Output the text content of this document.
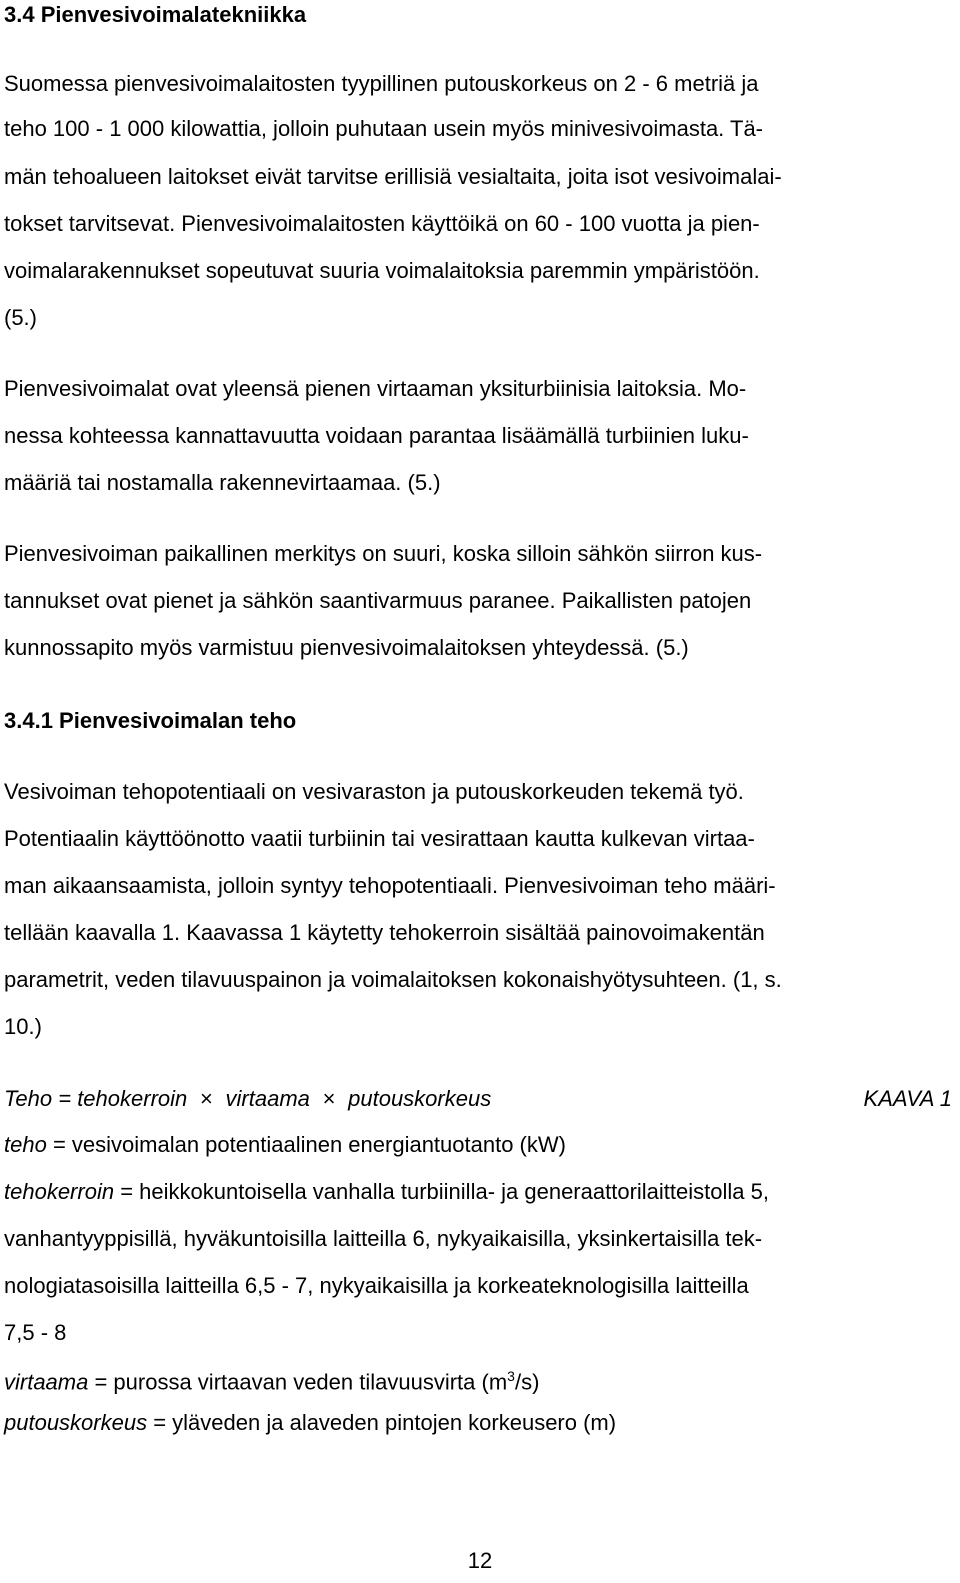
3.4 Pienvesivoimalatekniikka
Suomessa pienvesivoimalaitosten tyypillinen putouskorkeus on 2 - 6 metriä ja
teho 100 - 1 000 kilowattia, jolloin puhutaan usein myös minivesivoimasta. Tä-
män tehoalueen laitokset eivät tarvitse erillisiä vesialtaita, joita isot vesivoimalai-
tokset tarvitsevat. Pienvesivoimalaitosten käyttöikä on 60 - 100 vuotta ja pien-
voimalarakennukset sopeutuvat suuria voimalaitoksia paremmin ympäristöön.
(5.)
Pienvesivoimalat ovat yleensä pienen virtaaman yksiturbiinisia laitoksia. Mo-
nessa kohteessa kannattavuutta voidaan parantaa lisäämällä turbiinien luku-
määriä tai nostamalla rakennevirtaamaa. (5.)
Pienvesivoiman paikallinen merkitys on suuri, koska silloin sähkön siirron kus-
tannukset ovat pienet ja sähkön saantivarmuus paranee. Paikallisten patojen
kunnossapito myös varmistuu pienvesivoimalaitoksen yhteydessä. (5.)
3.4.1 Pienvesivoimalan teho
Vesivoiman tehopotentiaali on vesivaraston ja putouskorkeuden tekemä työ.
Potentiaalin käyttöönotto vaatii turbiinin tai vesirattaan kautta kulkevan virtaa-
man aikaansaamista, jolloin syntyy tehopotentiaali. Pienvesivoiman teho määri-
tellään kaavalla 1. Kaavassa 1 käytetty tehokerroin sisältää painovoimakentän
parametrit, veden tilavuuspainon ja voimalaitoksen kokonaishyötysuhteen. (1, s.
10.)
Teho = tehokerroin × virtaama × putouskorkeus	KAAVA 1
teho = vesivoimalan potentiaalinen energiantuotanto (kW)
tehokerroin = heikkokuntoisella vanhalla turbiinilla- ja generaattorilaitteistolla 5,
vanhantyyppisillä, hyväkuntoisilla laitteilla 6, nykyaikaisilla, yksinkertaisilla tek-
nologiatasoisilla laitteilla 6,5 - 7, nykyaikaisilla ja korkeateknologisilla laitteilla
7,5 - 8
virtaama = purossa virtaavan veden tilavuusvirta $(m^3/s)$
putouskorkeus = yläveden ja alaveden pintojen korkeusero (m)
12
